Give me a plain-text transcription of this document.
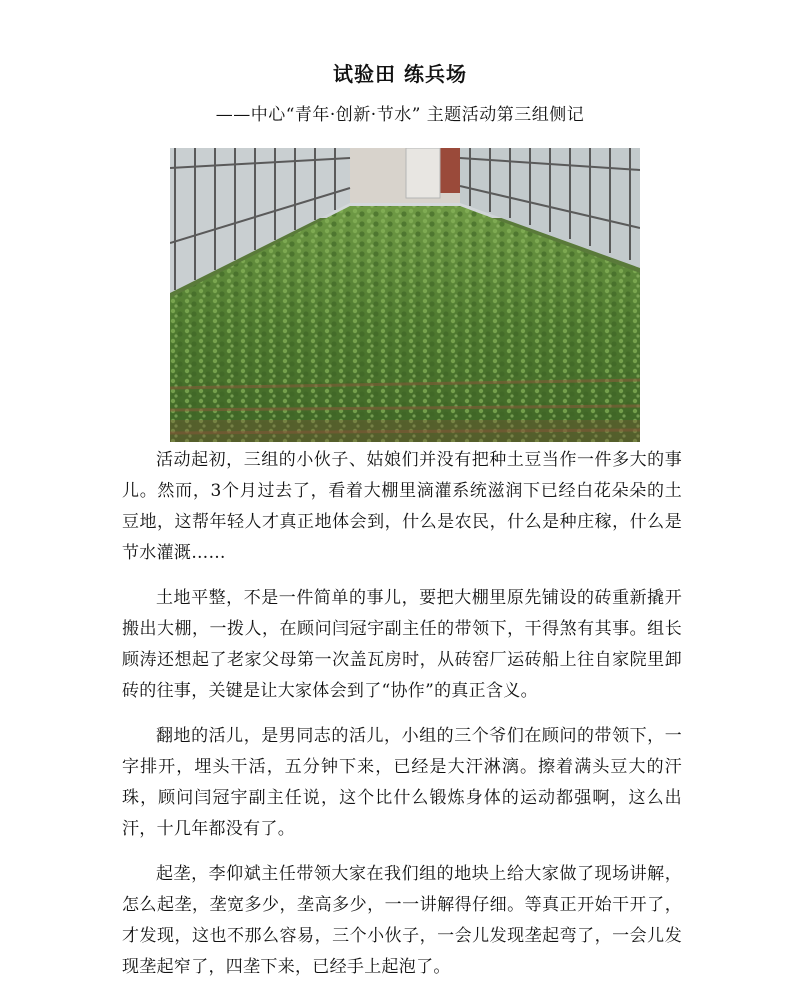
试验田 练兵场
——中心“青年·创新·节水” 主题活动第三组侧记

活动起初，三组的小伙子、姑娘们并没有把种土豆当作一件多大的事儿。然而，3个月过去了，看着大棚里滴灌系统滋润下已经白花朵朵的土豆地，这帮年轻人才真正地体会到，什么是农民，什么是种庄稼，什么是节水灌溉……

土地平整，不是一件简单的事儿，要把大棚里原先铺设的砖重新撬开搬出大棚，一拨人，在顾问闫冠宇副主任的带领下，干得煞有其事。组长顾涛还想起了老家父母第一次盖瓦房时，从砖窑厂运砖船上往自家院里卸砖的往事，关键是让大家体会到了“协作”的真正含义。

翻地的活儿，是男同志的活儿，小组的三个爷们在顾问的带领下，一字排开，埋头干活，五分钟下来，已经是大汗淋漓。擦着满头豆大的汗珠，顾问闫冠宇副主任说，这个比什么锻炼身体的运动都强啊，这么出汗，十几年都没有了。

起垄，李仰斌主任带领大家在我们组的地块上给大家做了现场讲解，怎么起垄，垄宽多少，垄高多少，一一讲解得仔细。等真正开始干开了，才发现，这也不那么容易，三个小伙子，一会儿发现垄起弯了，一会儿发现垄起窄了，四垄下来，已经手上起泡了。
